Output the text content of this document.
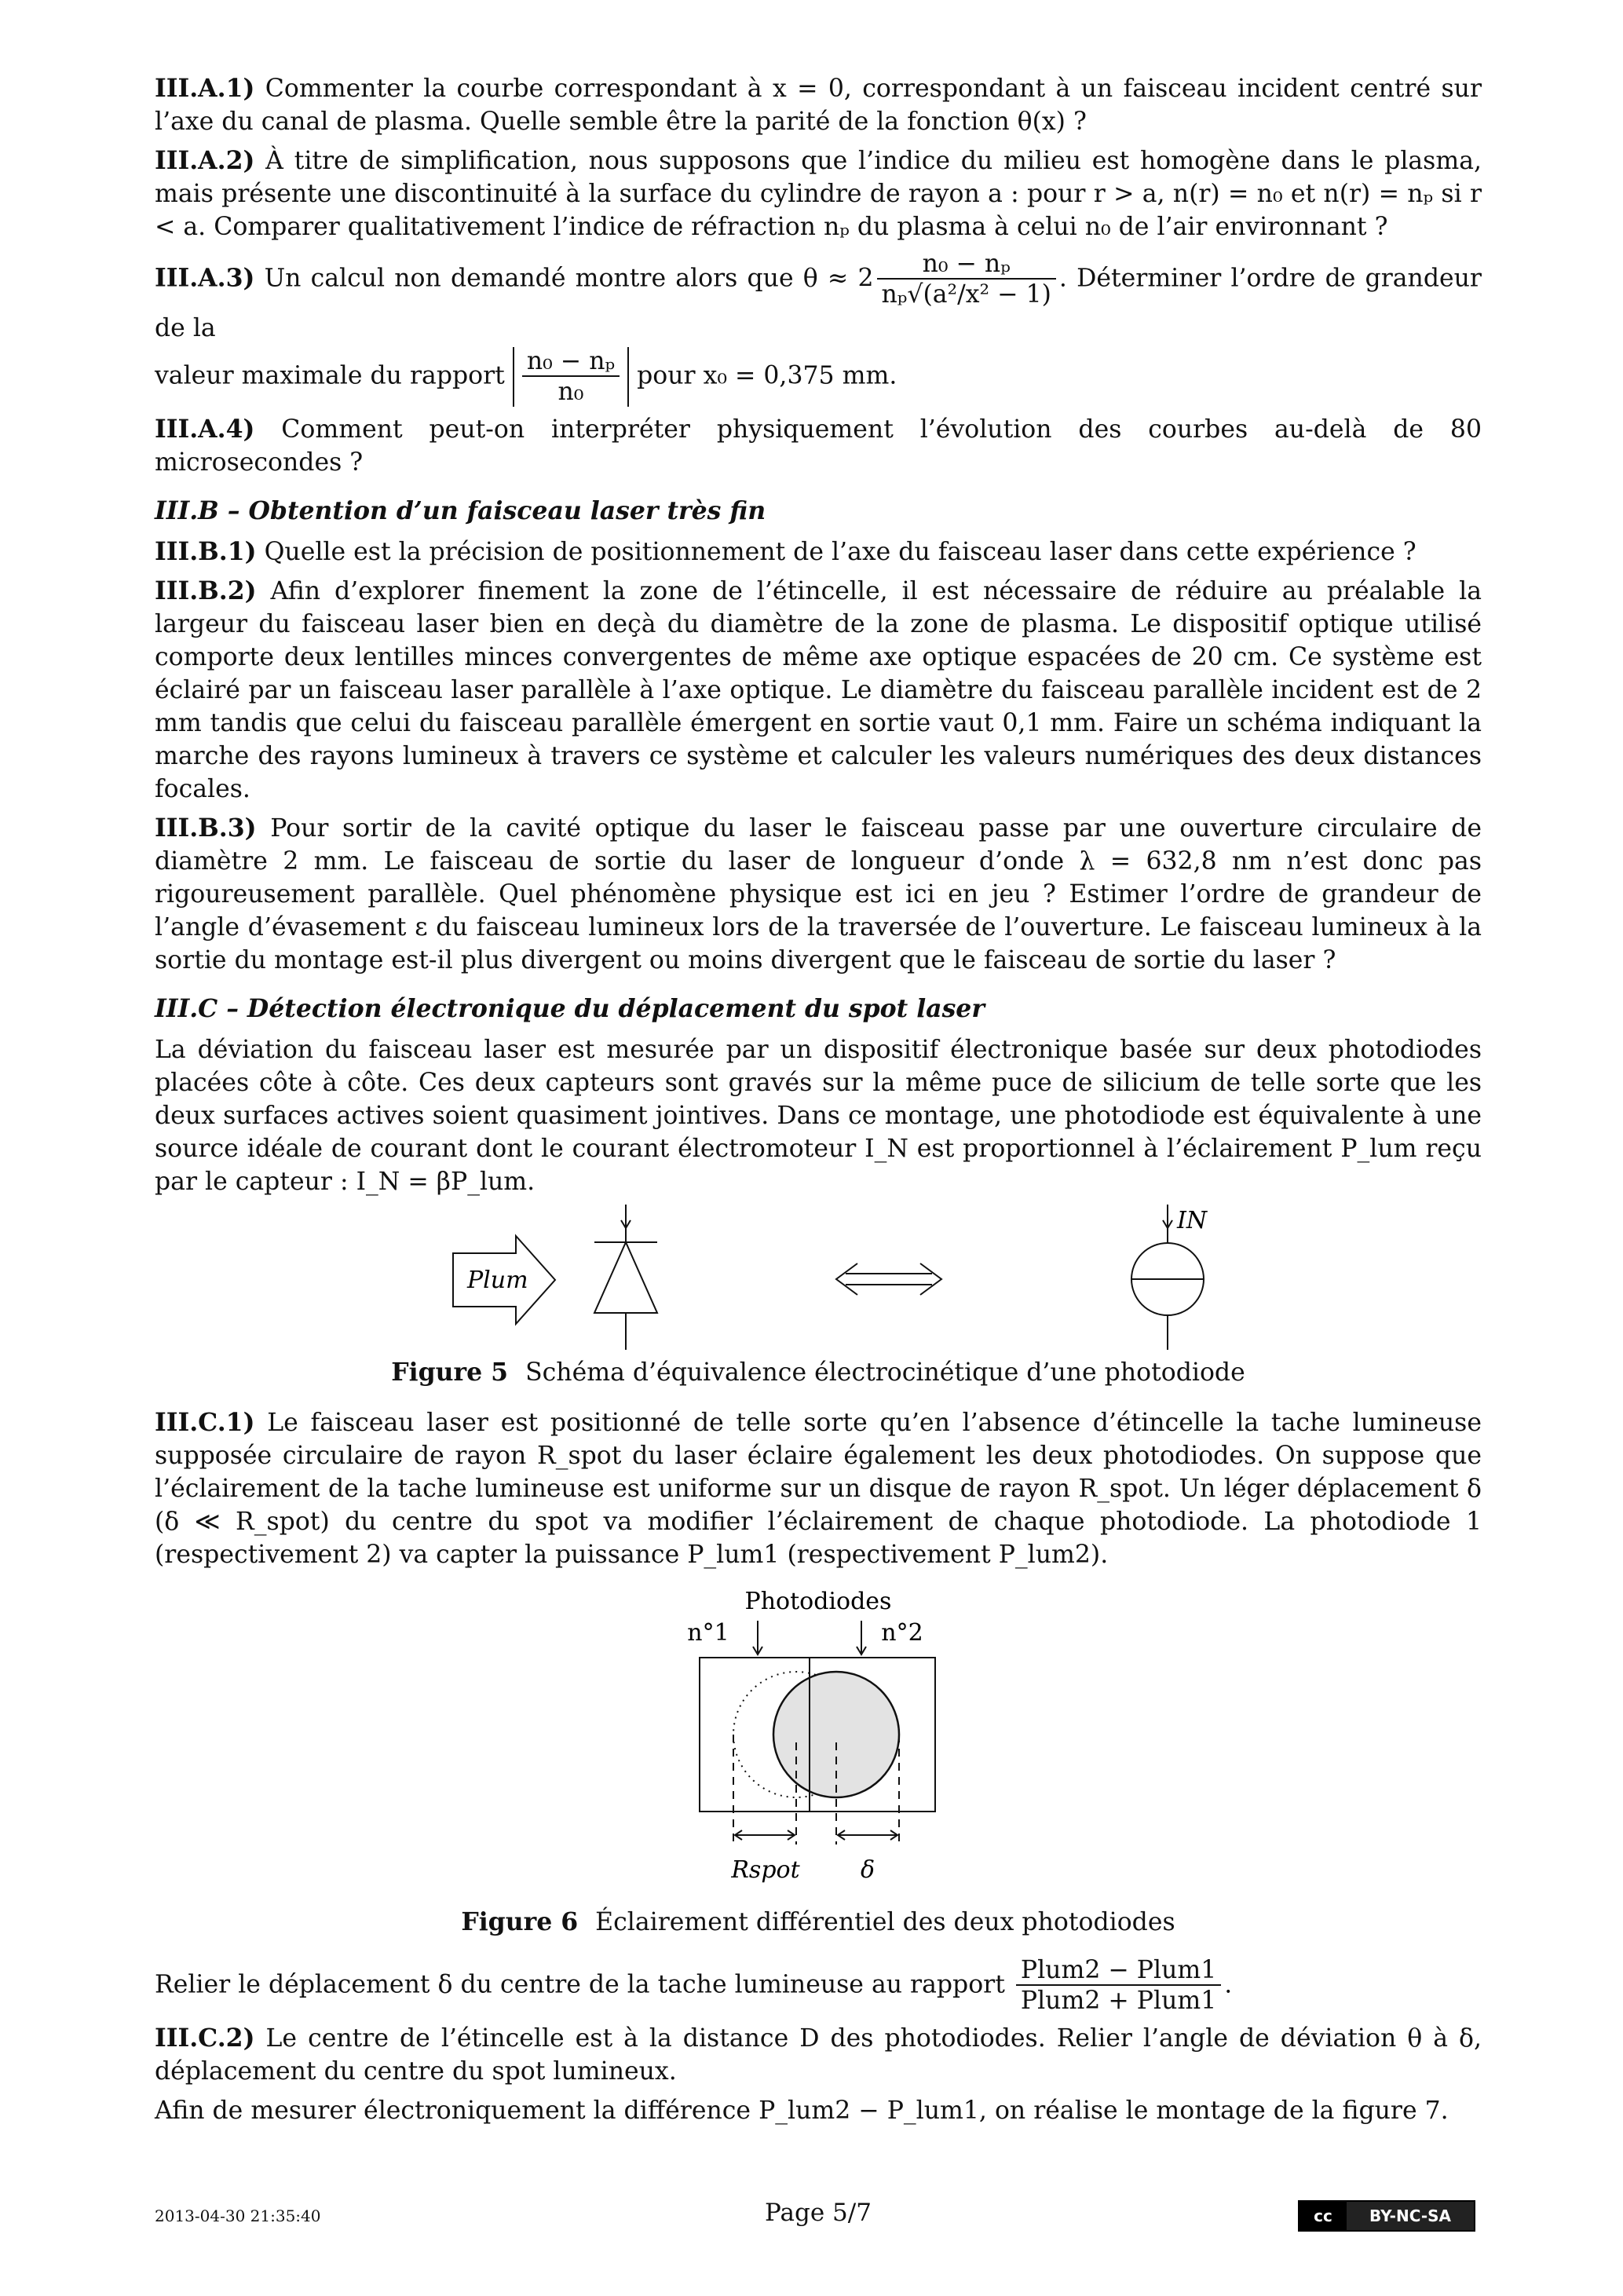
III.A.1) Commenter la courbe correspondant à x = 0, correspondant à un faisceau incident centré sur l’axe du canal de plasma. Quelle semble être la parité de la fonction θ(x) ?

III.A.2) À titre de simplification, nous supposons que l’indice du milieu est homogène dans le plasma, mais présente une discontinuité à la surface du cylindre de rayon a : pour r > a, n(r) = n₀ et n(r) = nₚ si r < a. Comparer qualitativement l’indice de réfraction nₚ du plasma à celui n₀ de l’air environnant ?

III.A.3) Un calcul non demandé montre alors que $\theta \approx 2 \frac{\text{n₀ − nₚ}}{\text{nₚ√(a²/x² − 1)}}$ . Déterminer l’ordre de grandeur de la
valeur maximale du rapport $\frac{\text{n₀ − nₚ}}{\text{n₀}}$ pour x₀ = 0,375 mm.

III.A.4) Comment peut-on interpréter physiquement l’évolution des courbes au-delà de 80 microsecondes ?

III.B – Obtention d’un faisceau laser très fin

III.B.1) Quelle est la précision de positionnement de l’axe du faisceau laser dans cette expérience ?

III.B.2) Afin d’explorer finement la zone de l’étincelle, il est nécessaire de réduire au préalable la largeur du faisceau laser bien en deçà du diamètre de la zone de plasma. Le dispositif optique utilisé comporte deux lentilles minces convergentes de même axe optique espacées de 20 cm. Ce système est éclairé par un faisceau laser parallèle à l’axe optique. Le diamètre du faisceau parallèle incident est de 2 mm tandis que celui du faisceau parallèle émergent en sortie vaut 0,1 mm. Faire un schéma indiquant la marche des rayons lumineux à travers ce système et calculer les valeurs numériques des deux distances focales.

III.B.3) Pour sortir de la cavité optique du laser le faisceau passe par une ouverture circulaire de diamètre 2 mm. Le faisceau de sortie du laser de longueur d’onde λ = 632,8 nm n’est donc pas rigoureusement parallèle. Quel phénomène physique est ici en jeu ? Estimer l’ordre de grandeur de l’angle d’évasement ε du faisceau lumineux lors de la traversée de l’ouverture. Le faisceau lumineux à la sortie du montage est-il plus divergent ou moins divergent que le faisceau de sortie du laser ?

III.C – Détection électronique du déplacement du spot laser

La déviation du faisceau laser est mesurée par un dispositif électronique basée sur deux photodiodes placées côte à côte. Ces deux capteurs sont gravés sur la même puce de silicium de telle sorte que les deux surfaces actives soient quasiment jointives. Dans ce montage, une photodiode est équivalente à une source idéale de courant dont le courant électromoteur I_N est proportionnel à l’éclairement P_lum reçu par le capteur : I_N = βP_lum.

Plum
IN

Figure 5 Schéma d’équivalence électrocinétique d’une photodiode

III.C.1) Le faisceau laser est positionné de telle sorte qu’en l’absence d’étincelle la tache lumineuse supposée circulaire de rayon R_spot du laser éclaire également les deux photodiodes. On suppose que l’éclairement de la tache lumineuse est uniforme sur un disque de rayon R_spot. Un léger déplacement δ (δ ≪ R_spot) du centre du spot va modifier l’éclairement de chaque photodiode. La photodiode 1 (respectivement 2) va capter la puissance P_lum1 (respectivement P_lum2).

Photodiodes
n°1	n°2
Rspot	δ

Figure 6 Éclairement différentiel des deux photodiodes

Relier le déplacement δ du centre de la tache lumineuse au rapport $\frac{\text{Plum2 − Plum1}}{\text{Plum2 + Plum1}}$ .

III.C.2) Le centre de l’étincelle est à la distance D des photodiodes. Relier l’angle de déviation θ à δ, déplacement du centre du spot lumineux.

Afin de mesurer électroniquement la différence P_lum2 − P_lum1, on réalise le montage de la figure 7.

2013-04-30 21:35:40	Page 5/7	cc	BY-NC-SA
